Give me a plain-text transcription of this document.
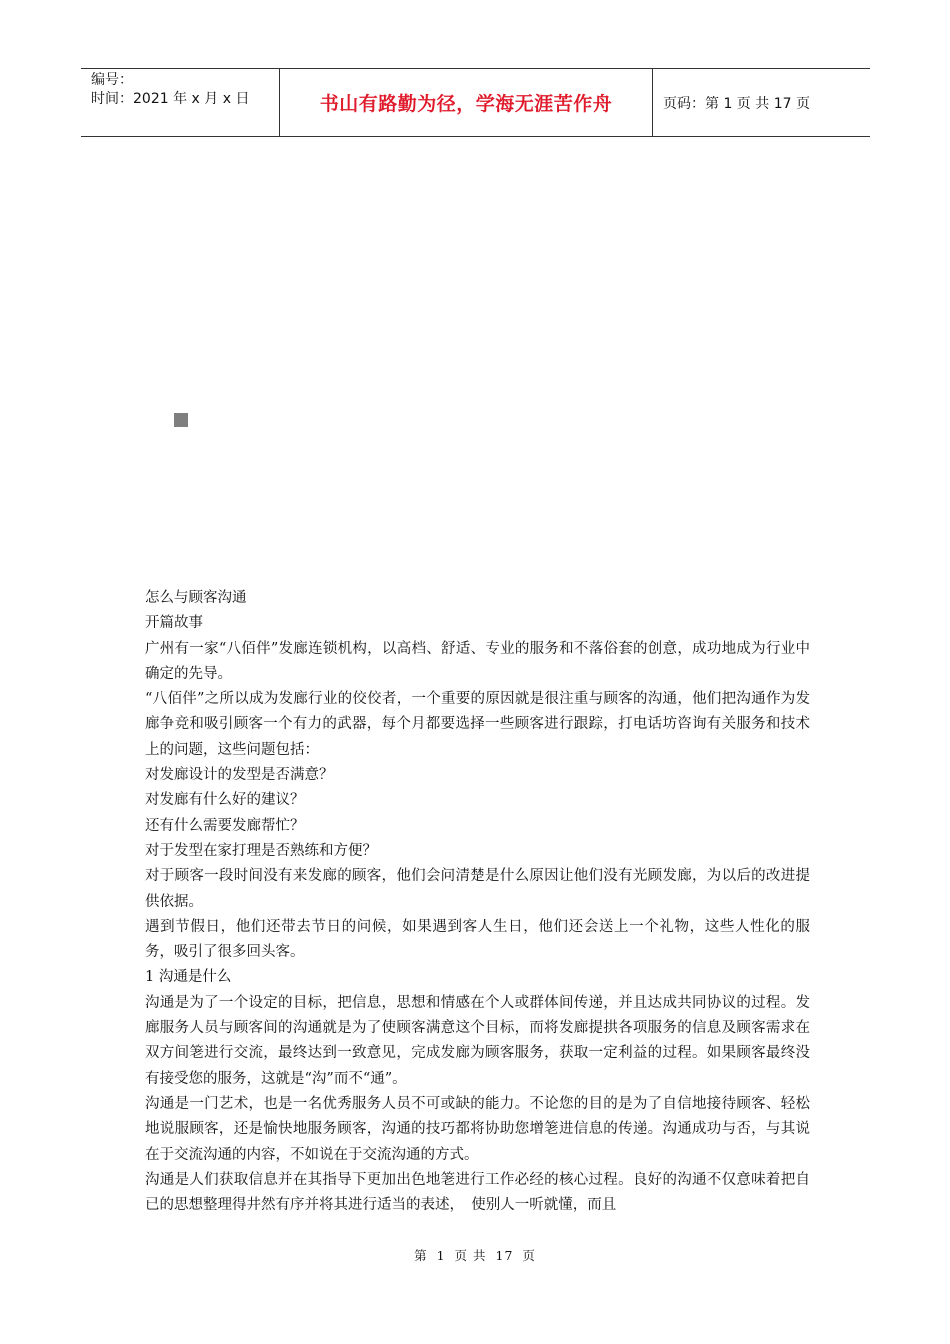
编号：
时间：2021 年 x 月 x 日	书山有路勤为径，学海无涯苦作舟	页码：第 1 页 共 17 页

怎么与顾客沟通

开篇故事

广州有一家“八佰伴”发廊连锁机构，以高档、舒适、专业的服务和不落俗套的创意，成功地成为行业中确定的先导。

“八佰伴”之所以成为发廊行业的佼佼者，一个重要的原因就是很注重与顾客的沟通，他们把沟通作为发廊争竞和吸引顾客一个有力的武器，每个月都要选择一些顾客进行跟踪，打电话坊咨询有关服务和技术上的问题，这些问题包括：

对发廊设计的发型是否满意？

对发廊有什么好的建议？

还有什么需要发廊帮忙？

对于发型在家打理是否熟练和方便？

对于顾客一段时间没有来发廊的顾客，他们会问清楚是什么原因让他们没有光顾发廊，为以后的改进提供依据。

遇到节假日，他们还带去节日的问候，如果遇到客人生日，他们还会送上一个礼物，这些人性化的服务，吸引了很多回头客。

1 沟通是什么

沟通是为了一个设定的目标，把信息，思想和情感在个人或群体间传递，并且达成共同协议的过程。发廊服务人员与顾客间的沟通就是为了使顾客满意这个目标，而将发廊提拱各项服务的信息及顾客需求在双方间䇭进行交流，最终达到一致意见，完成发廊为顾客服务，获取一定利益的过程。如果顾客最终没有接受您的服务，这就是“沟”而不“通”。

沟通是一门艺术，也是一名优秀服务人员不可或缺的能力。不论您的目的是为了自信地接待顾客、轻松地说服顾客，还是愉快地服务顾客，沟通的技巧都将协助您增䇭进信息的传递。沟通成功与否，与其说在于交流沟通的内容，不如说在于交流沟通的方式。

沟通是人们获取信息并在其指导下更加出色地䇭进行工作必经的核心过程。良好的沟通不仅意味着把自已的思想整理得井然有序并将其进行适当的表述，　使别人一听就懂，而且

第 1 页 共 17 页
